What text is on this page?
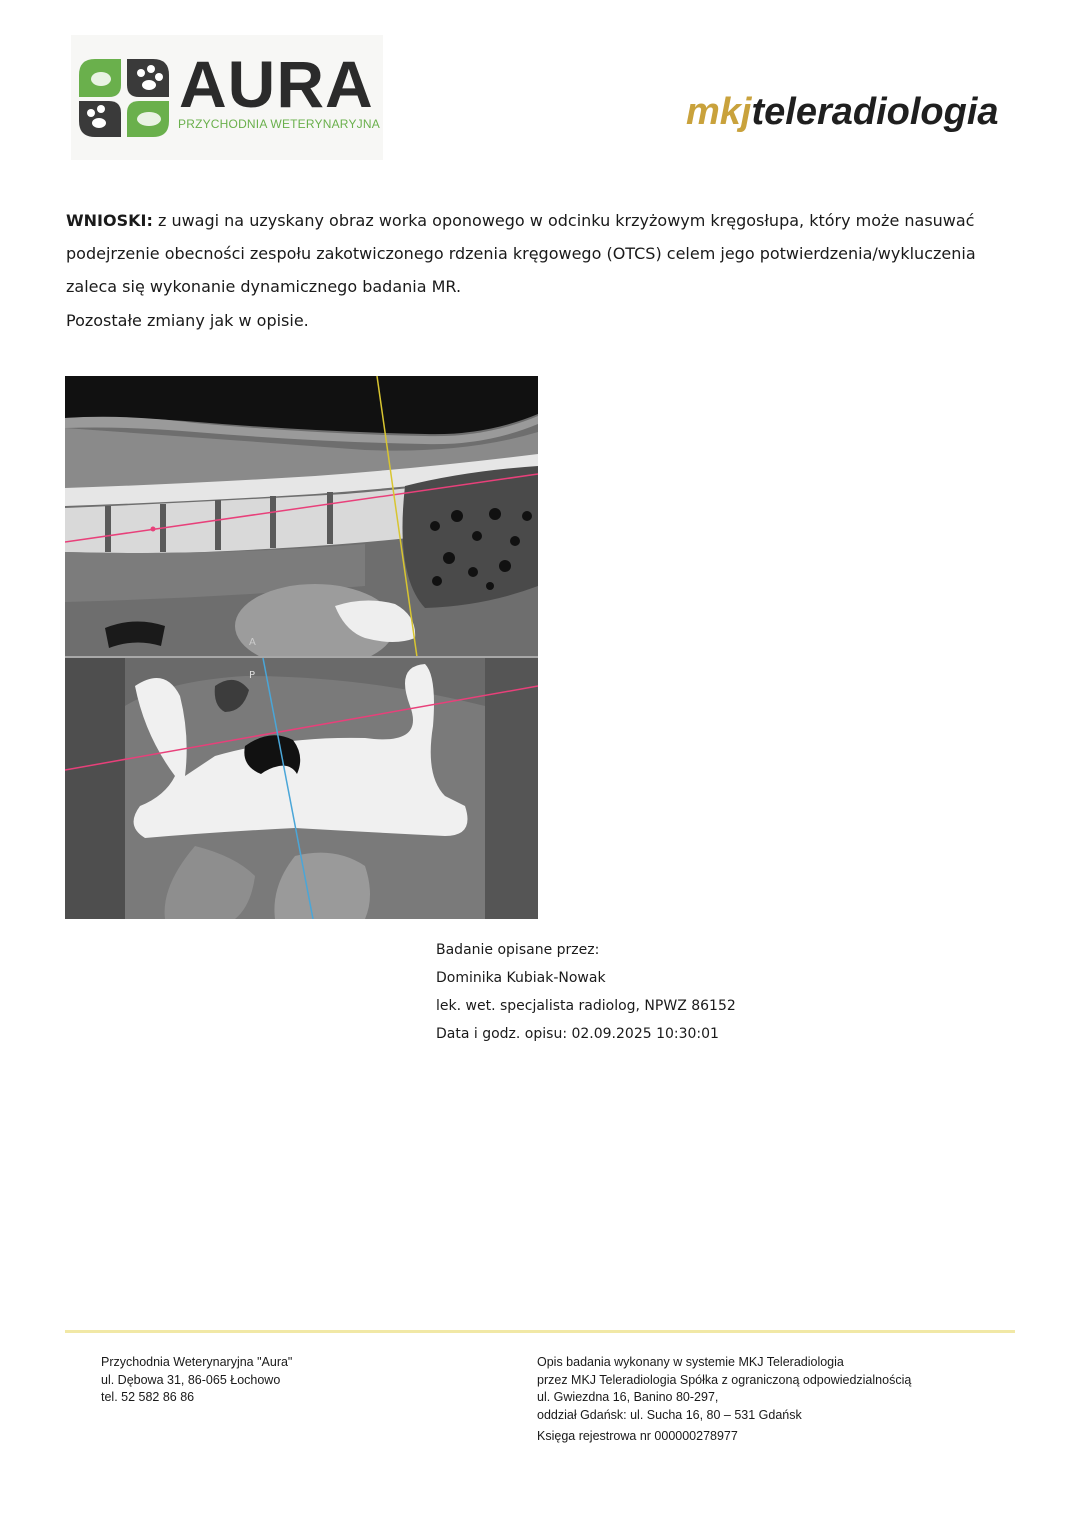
AURA
PRZYCHODNIA WETERYNARYJNA	mkjteleradiologia
WNIOSKI: z uwagi na uzyskany obraz worka oponowego w odcinku krzyżowym kręgosłupa, który może nasuwać podejrzenie obecności zespołu zakotwiczonego rdzenia kręgowego (OTCS) celem jego potwierdzenia/wykluczenia zaleca się wykonanie dynamicznego badania MR.
Pozostałe zmiany jak w opisie.
A
P
Badanie opisane przez:
Dominika Kubiak-Nowak
lek. wet. specjalista radiolog, NPWZ 86152
Data i godz. opisu: 02.09.2025 10:30:01
Przychodnia Weterynaryjna "Aura"
ul. Dębowa 31, 86-065 Łochowo
tel. 52 582 86 86
Opis badania wykonany w systemie MKJ Teleradiologia
przez MKJ Teleradiologia Spółka z ograniczoną odpowiedzialnością
ul. Gwiezdna 16, Banino 80-297,
oddział Gdańsk: ul. Sucha 16, 80 – 531 Gdańsk
Księga rejestrowa nr 000000278977
